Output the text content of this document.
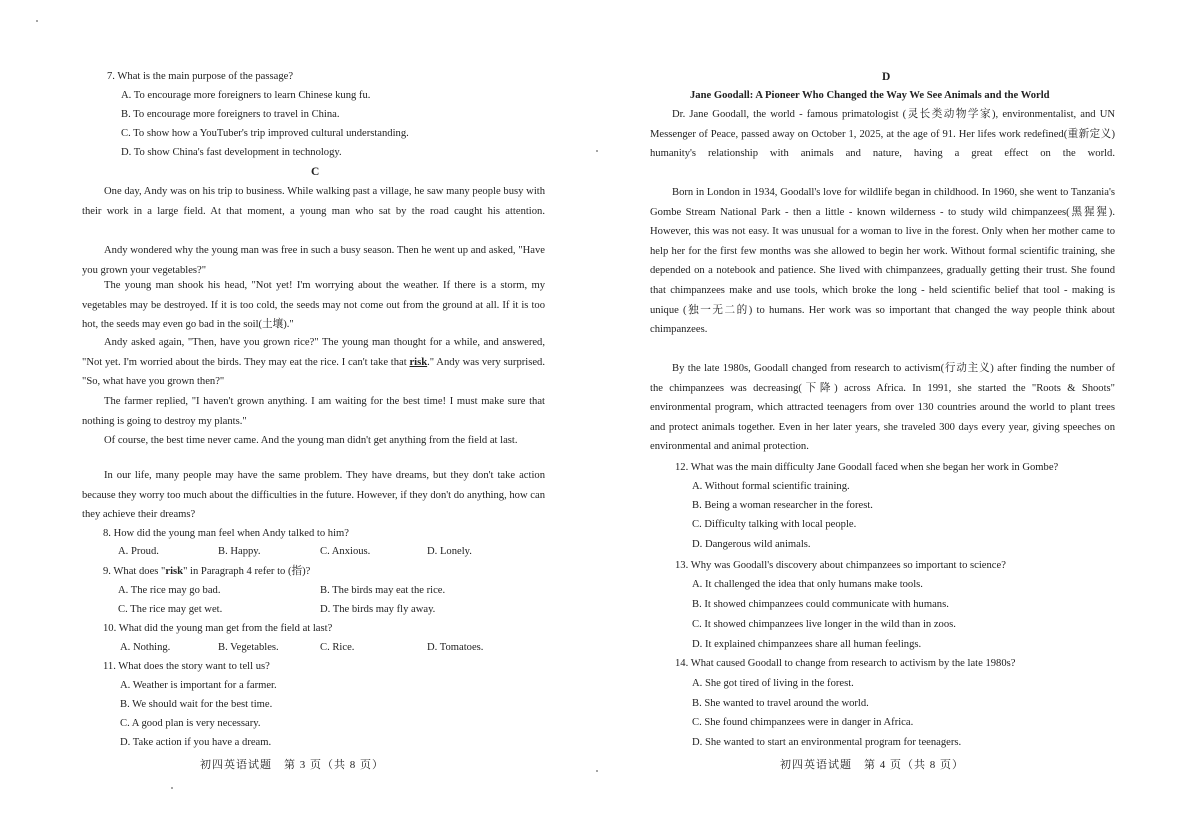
7. What is the main purpose of the passage?
A. To encourage more foreigners to learn Chinese kung fu.
B. To encourage more foreigners to travel in China.
C. To show how a YouTuber's trip improved cultural understanding.
D. To show China's fast development in technology.
C
One day, Andy was on his trip to business. While walking past a village, he saw many people busy with their work in a large field. At that moment, a young man who sat by the road caught his attention.
Andy wondered why the young man was free in such a busy season. Then he went up and asked, "Have you grown your vegetables?"
The young man shook his head, "Not yet! I'm worrying about the weather. If there is a storm, my vegetables may be destroyed. If it is too cold, the seeds may not come out from the ground at all. If it is too hot, the seeds may even go bad in the soil(土壤)."
Andy asked again, "Then, have you grown rice?" The young man thought for a while, and answered, "Not yet. I'm worried about the birds. They may eat the rice. I can't take that risk." Andy was very surprised. "So, what have you grown then?"
The farmer replied, "I haven't grown anything. I am waiting for the best time! I must make sure that nothing is going to destroy my plants."
Of course, the best time never came. And the young man didn't get anything from the field at last.
In our life, many people may have the same problem. They have dreams, but they don't take action because they worry too much about the difficulties in the future. However, if they don't do anything, how can they achieve their dreams?
8. How did the young man feel when Andy talked to him?
A. Proud.	B. Happy.	C. Anxious.	D. Lonely.
9. What does "risk" in Paragraph 4 refer to (指)?
A. The rice may go bad.	B. The birds may eat the rice.
C. The rice may get wet.	D. The birds may fly away.
10. What did the young man get from the field at last?
A. Nothing.	B. Vegetables.	C. Rice.	D. Tomatoes.
11. What does the story want to tell us?
A. Weather is important for a farmer.
B. We should wait for the best time.
C. A good plan is very necessary.
D. Take action if you have a dream.
初四英语试题　第 3 页（共 8 页）
D
Jane Goodall: A Pioneer Who Changed the Way We See Animals and the World
Dr. Jane Goodall, the world - famous primatologist (灵长类动物学家), environmentalist, and UN Messenger of Peace, passed away on October 1, 2025, at the age of 91. Her lifes work redefined(重新定义) humanity's relationship with animals and nature, having a great effect on the world.
Born in London in 1934, Goodall's love for wildlife began in childhood. In 1960, she went to Tanzania's Gombe Stream National Park - then a little - known wilderness - to study wild chimpanzees(黑猩猩). However, this was not easy. It was unusual for a woman to live in the forest. Only when her mother came to help her for the first few months was she allowed to begin her work. Without formal scientific training, she depended on a notebook and patience. She lived with chimpanzees, gradually getting their trust. She found that chimpanzees make and use tools, which broke the long - held scientific belief that tool - making is unique (独一无二的) to humans. Her work was so important that changed the way people think about chimpanzees.
By the late 1980s, Goodall changed from research to activism(行动主义) after finding the number of the chimpanzees was decreasing(下降) across Africa. In 1991, she started the "Roots & Shoots" environmental program, which attracted teenagers from over 130 countries around the world to plant trees and protect animals together. Even in her later years, she traveled 300 days every year, giving speeches on environmental and animal protection.
12. What was the main difficulty Jane Goodall faced when she began her work in Gombe?
A. Without formal scientific training.
B. Being a woman researcher in the forest.
C. Difficulty talking with local people.
D. Dangerous wild animals.
13. Why was Goodall's discovery about chimpanzees so important to science?
A. It challenged the idea that only humans make tools.
B. It showed chimpanzees could communicate with humans.
C. It showed chimpanzees live longer in the wild than in zoos.
D. It explained chimpanzees share all human feelings.
14. What caused Goodall to change from research to activism by the late 1980s?
A. She got tired of living in the forest.
B. She wanted to travel around the world.
C. She found chimpanzees were in danger in Africa.
D. She wanted to start an environmental program for teenagers.
初四英语试题　第 4 页（共 8 页）
